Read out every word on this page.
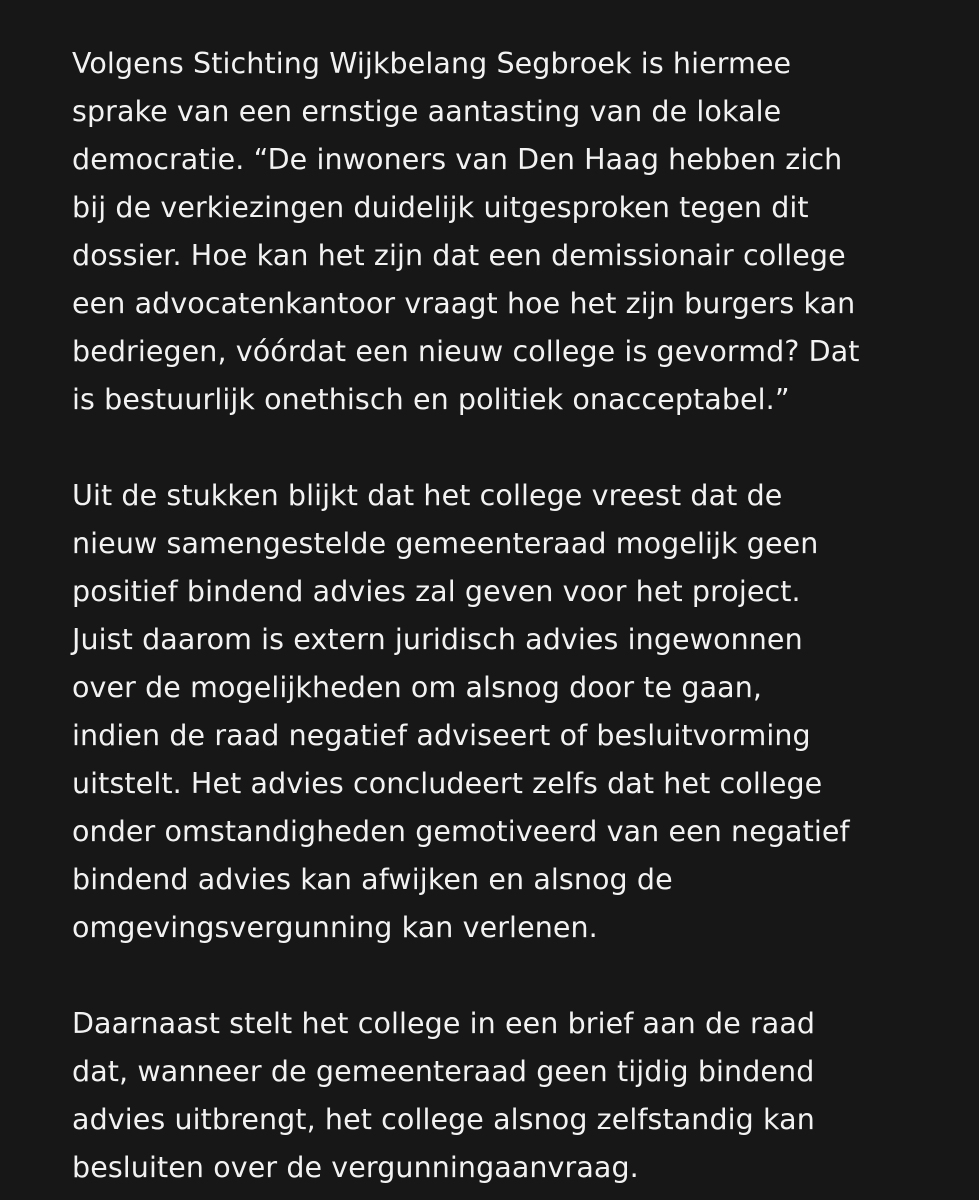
Volgens Stichting Wijkbelang Segbroek is hiermee
sprake van een ernstige aantasting van de lokale
democratie. “De inwoners van Den Haag hebben zich
bij de verkiezingen duidelijk uitgesproken tegen dit
dossier. Hoe kan het zijn dat een demissionair college
een advocatenkantoor vraagt hoe het zijn burgers kan
bedriegen, vóórdat een nieuw college is gevormd? Dat
is bestuurlijk onethisch en politiek onacceptabel.”

Uit de stukken blijkt dat het college vreest dat de
nieuw samengestelde gemeenteraad mogelijk geen
positief bindend advies zal geven voor het project.
Juist daarom is extern juridisch advies ingewonnen
over de mogelijkheden om alsnog door te gaan,
indien de raad negatief adviseert of besluitvorming
uitstelt. Het advies concludeert zelfs dat het college
onder omstandigheden gemotiveerd van een negatief
bindend advies kan afwijken en alsnog de
omgevingsvergunning kan verlenen.

Daarnaast stelt het college in een brief aan de raad
dat, wanneer de gemeenteraad geen tijdig bindend
advies uitbrengt, het college alsnog zelfstandig kan
besluiten over de vergunningaanvraag.
